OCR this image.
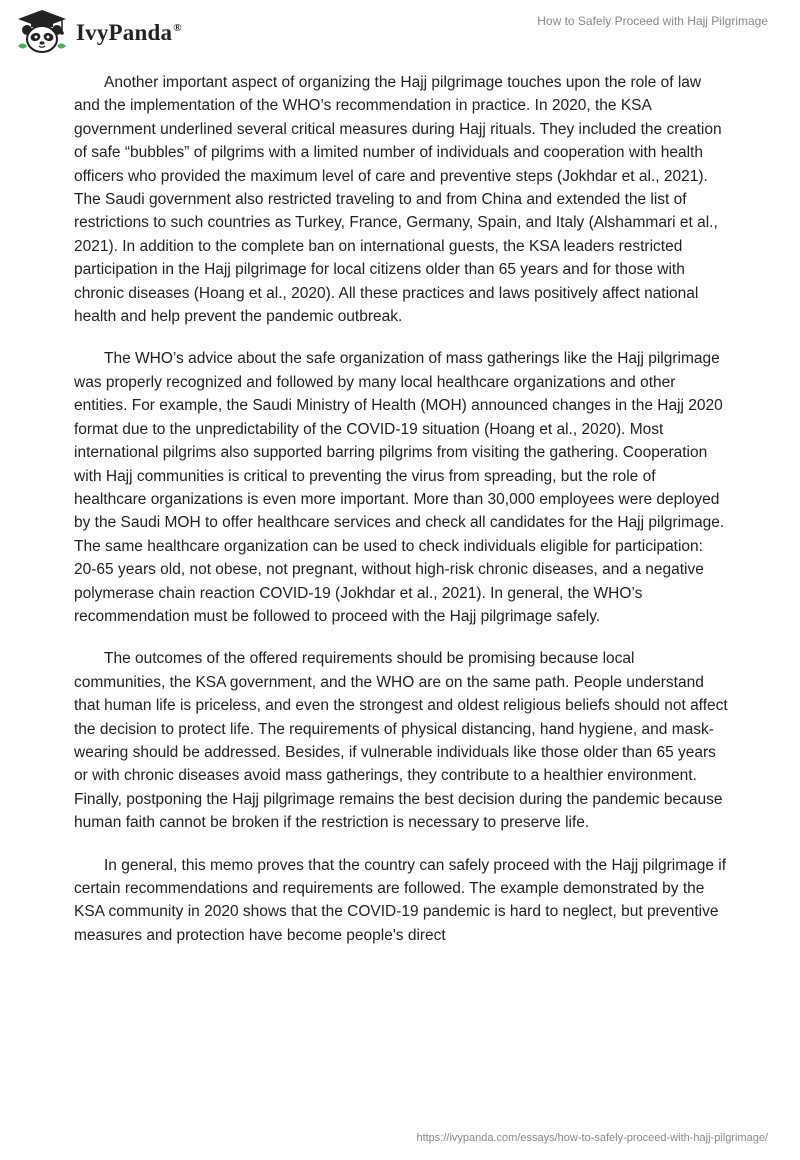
IvyPanda®
How to Safely Proceed with Hajj Pilgrimage

Another important aspect of organizing the Hajj pilgrimage touches upon the role of law and the implementation of the WHO’s recommendation in practice. In 2020, the KSA government underlined several critical measures during Hajj rituals. They included the creation of safe “bubbles” of pilgrims with a limited number of individuals and cooperation with health officers who provided the maximum level of care and preventive steps (Jokhdar et al., 2021). The Saudi government also restricted traveling to and from China and extended the list of restrictions to such countries as Turkey, France, Germany, Spain, and Italy (Alshammari et al., 2021). In addition to the complete ban on international guests, the KSA leaders restricted participation in the Hajj pilgrimage for local citizens older than 65 years and for those with chronic diseases (Hoang et al., 2020). All these practices and laws positively affect national health and help prevent the pandemic outbreak.

The WHO’s advice about the safe organization of mass gatherings like the Hajj pilgrimage was properly recognized and followed by many local healthcare organizations and other entities. For example, the Saudi Ministry of Health (MOH) announced changes in the Hajj 2020 format due to the unpredictability of the COVID-19 situation (Hoang et al., 2020). Most international pilgrims also supported barring pilgrims from visiting the gathering. Cooperation with Hajj communities is critical to preventing the virus from spreading, but the role of healthcare organizations is even more important. More than 30,000 employees were deployed by the Saudi MOH to offer healthcare services and check all candidates for the Hajj pilgrimage. The same healthcare organization can be used to check individuals eligible for participation: 20-65 years old, not obese, not pregnant, without high-risk chronic diseases, and a negative polymerase chain reaction COVID-19 (Jokhdar et al., 2021). In general, the WHO’s recommendation must be followed to proceed with the Hajj pilgrimage safely.

The outcomes of the offered requirements should be promising because local communities, the KSA government, and the WHO are on the same path. People understand that human life is priceless, and even the strongest and oldest religious beliefs should not affect the decision to protect life. The requirements of physical distancing, hand hygiene, and mask-wearing should be addressed. Besides, if vulnerable individuals like those older than 65 years or with chronic diseases avoid mass gatherings, they contribute to a healthier environment. Finally, postponing the Hajj pilgrimage remains the best decision during the pandemic because human faith cannot be broken if the restriction is necessary to preserve life.

In general, this memo proves that the country can safely proceed with the Hajj pilgrimage if certain recommendations and requirements are followed. The example demonstrated by the KSA community in 2020 shows that the COVID-19 pandemic is hard to neglect, but preventive measures and protection have become people's direct

https://ivypanda.com/essays/how-to-safely-proceed-with-hajj-pilgrimage/
